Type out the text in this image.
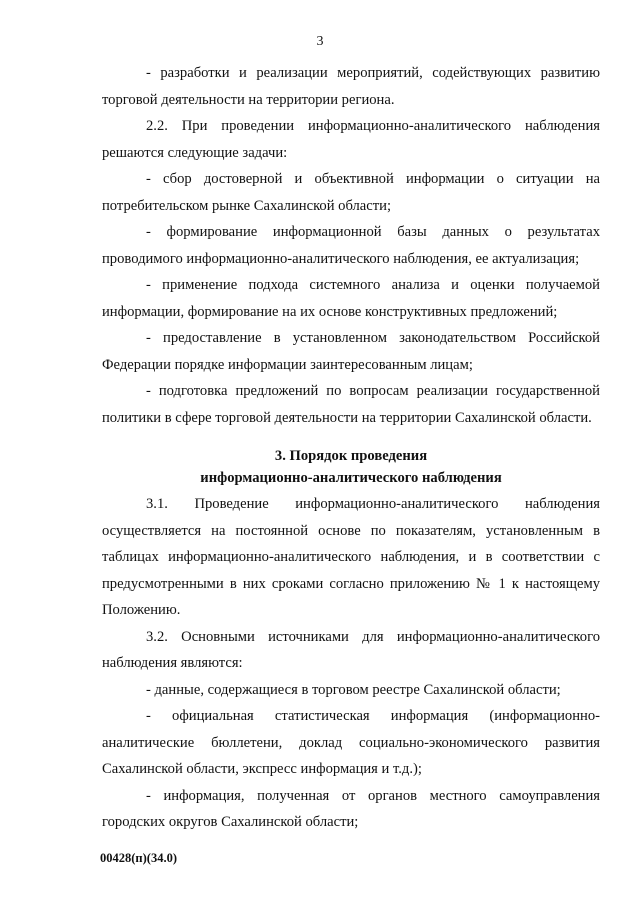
3

- разработки и реализации мероприятий, содействующих развитию торговой деятельности на территории региона.

2.2. При проведении информационно-аналитического наблюдения решаются следующие задачи:

- сбор достоверной и объективной информации о ситуации на потребительском рынке Сахалинской области;

- формирование информационной базы данных о результатах проводимого информационно-аналитического наблюдения, ее актуализация;

- применение подхода системного анализа и оценки получаемой информации, формирование на их основе конструктивных предложений;

- предоставление в установленном законодательством Российской Федерации порядке информации заинтересованным лицам;

- подготовка предложений по вопросам реализации государственной политики в сфере торговой деятельности на территории Сахалинской области.

3. Порядок проведения
информационно-аналитического наблюдения

3.1. Проведение информационно-аналитического наблюдения осуществляется на постоянной основе по показателям, установленным в таблицах информационно-аналитического наблюдения, и в соответствии с предусмотренными в них сроками согласно приложению № 1 к настоящему Положению.

3.2. Основными источниками для информационно-аналитического наблюдения являются:

- данные, содержащиеся в торговом реестре Сахалинской области;

- официальная статистическая информация (информационно-аналитические бюллетени, доклад социально-экономического развития Сахалинской области, экспресс информация и т.д.);

- информация, полученная от органов местного самоуправления городских округов Сахалинской области;

00428(п)(34.0)
